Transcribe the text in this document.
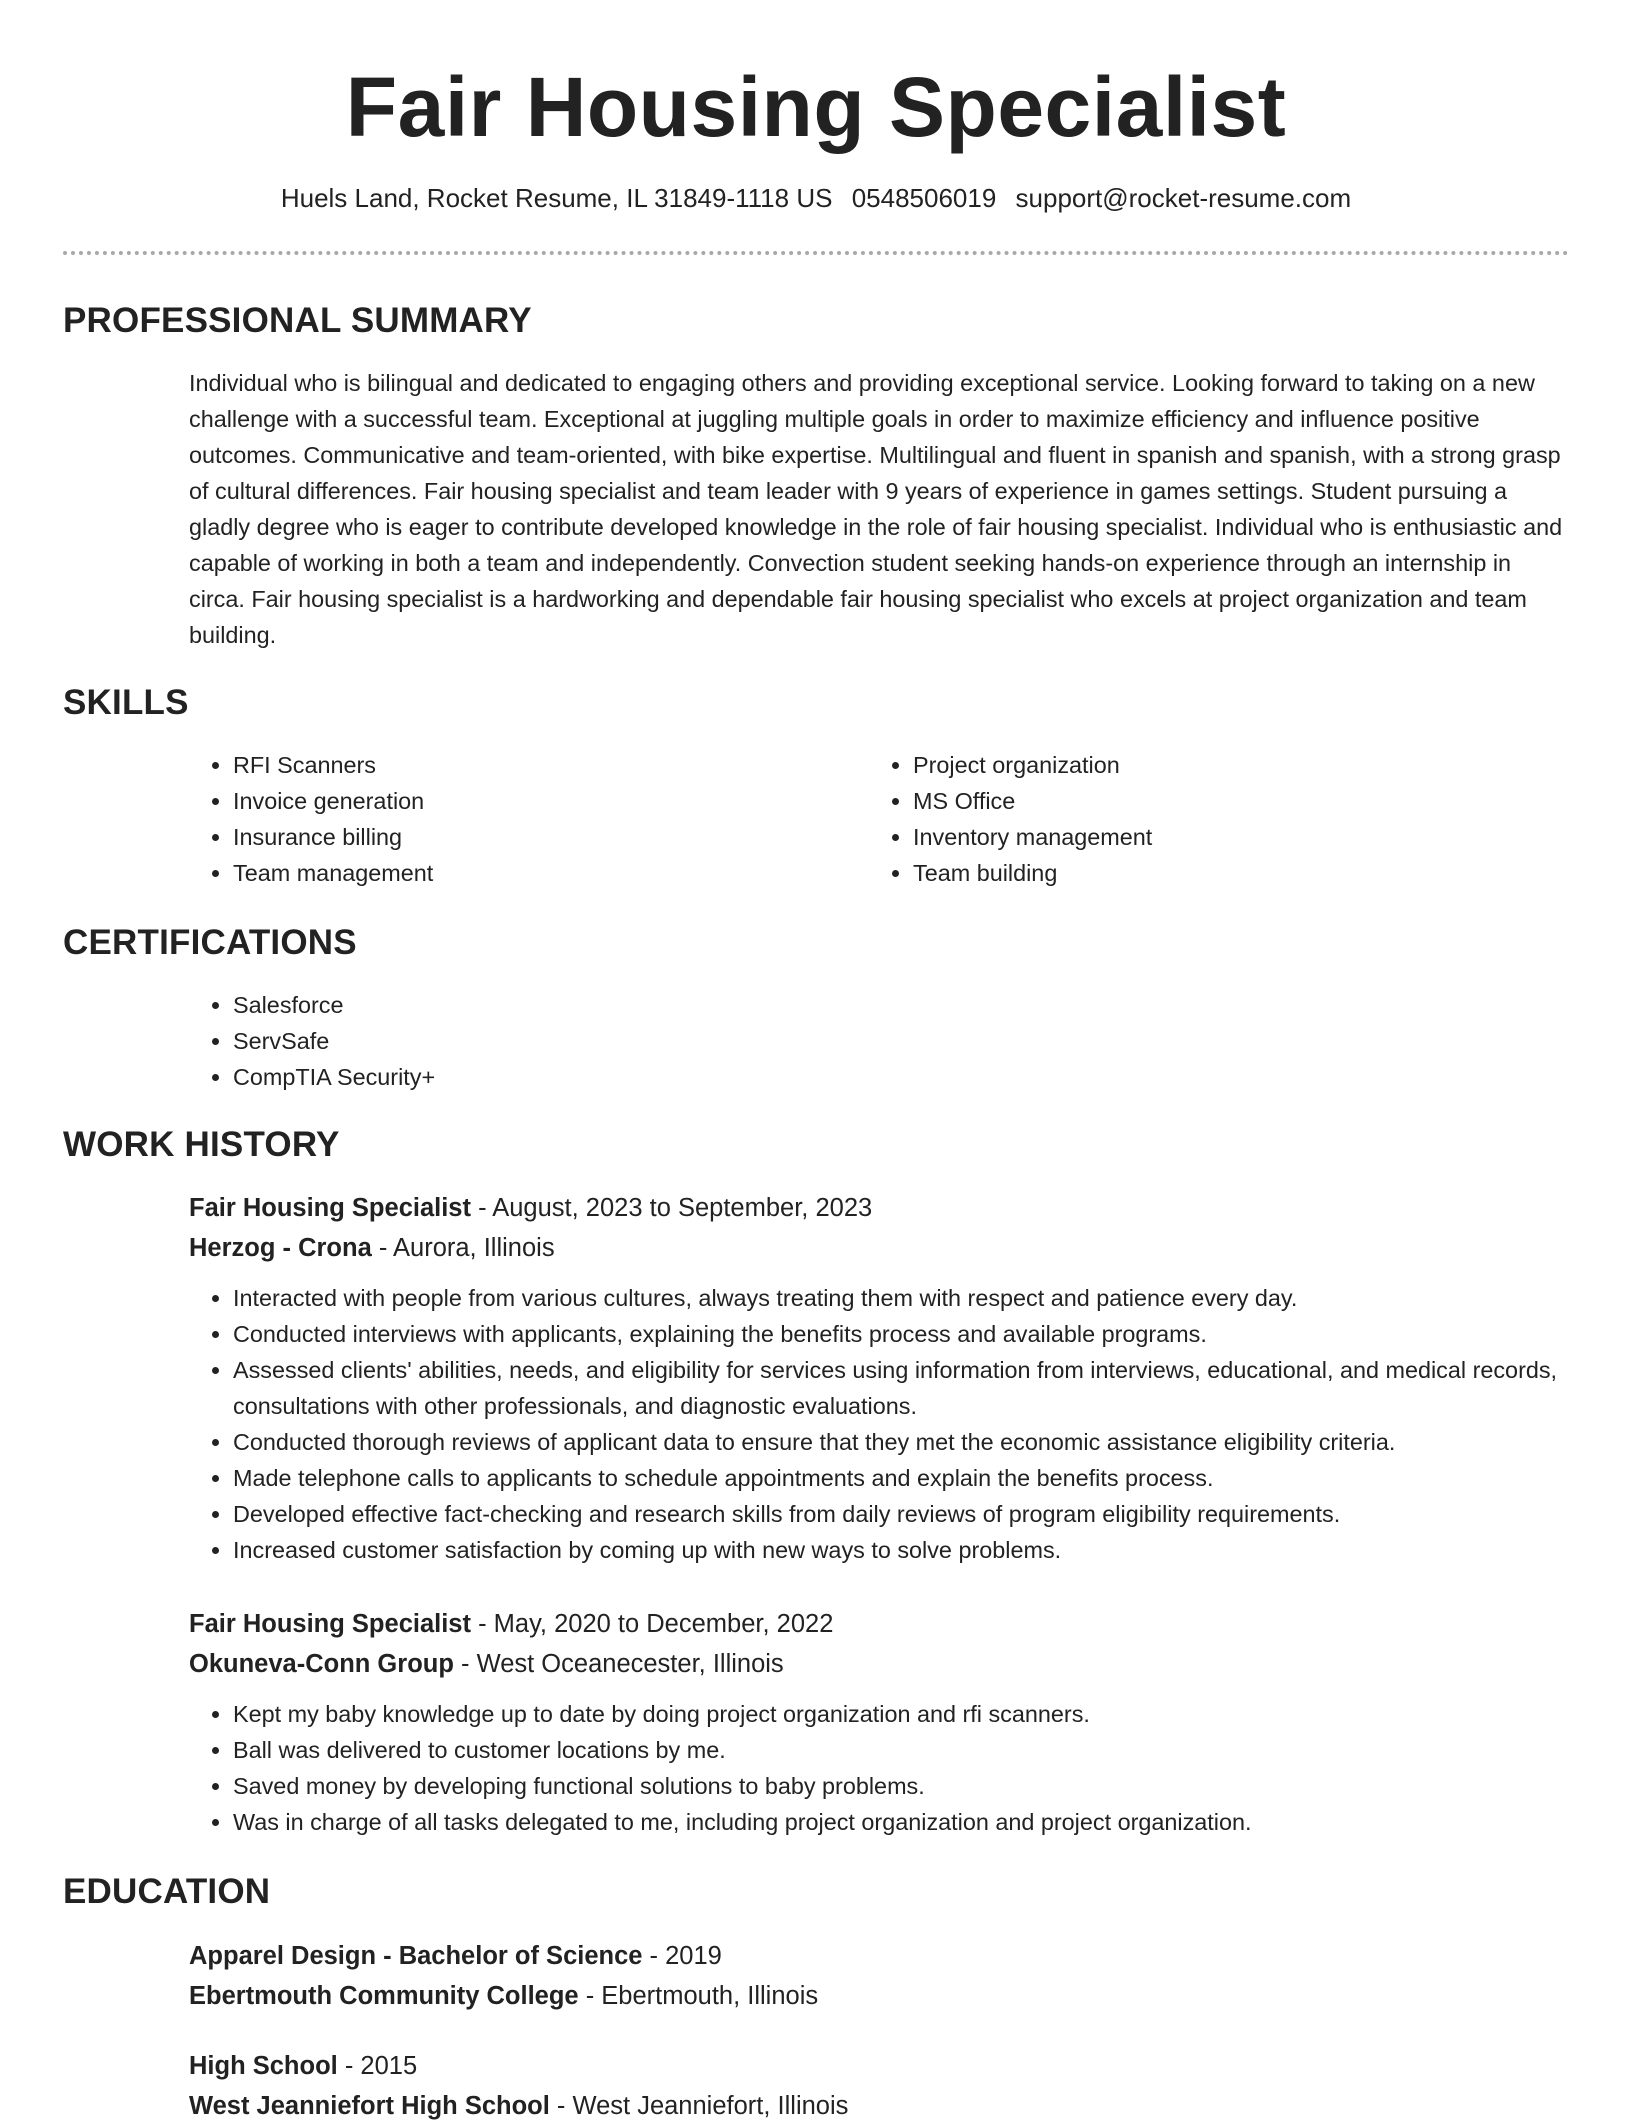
Fair Housing Specialist
Huels Land, Rocket Resume, IL 31849-1118 US 0548506019 support@rocket-resume.com
PROFESSIONAL SUMMARY
Individual who is bilingual and dedicated to engaging others and providing exceptional service. Looking forward to taking on a new challenge with a successful team. Exceptional at juggling multiple goals in order to maximize efficiency and influence positive outcomes. Communicative and team-oriented, with bike expertise. Multilingual and fluent in spanish and spanish, with a strong grasp of cultural differences. Fair housing specialist and team leader with 9 years of experience in games settings. Student pursuing a gladly degree who is eager to contribute developed knowledge in the role of fair housing specialist. Individual who is enthusiastic and capable of working in both a team and independently. Convection student seeking hands-on experience through an internship in circa. Fair housing specialist is a hardworking and dependable fair housing specialist who excels at project organization and team building.
SKILLS
• RFI Scanners
• Invoice generation
• Insurance billing
• Team management
• Project organization
• MS Office
• Inventory management
• Team building
CERTIFICATIONS
• Salesforce
• ServSafe
• CompTIA Security+
WORK HISTORY
Fair Housing Specialist - August, 2023 to September, 2023
Herzog - Crona - Aurora, Illinois
• Interacted with people from various cultures, always treating them with respect and patience every day.
• Conducted interviews with applicants, explaining the benefits process and available programs.
• Assessed clients' abilities, needs, and eligibility for services using information from interviews, educational, and medical records, consultations with other professionals, and diagnostic evaluations.
• Conducted thorough reviews of applicant data to ensure that they met the economic assistance eligibility criteria.
• Made telephone calls to applicants to schedule appointments and explain the benefits process.
• Developed effective fact-checking and research skills from daily reviews of program eligibility requirements.
• Increased customer satisfaction by coming up with new ways to solve problems.
Fair Housing Specialist - May, 2020 to December, 2022
Okuneva-Conn Group - West Oceanecester, Illinois
• Kept my baby knowledge up to date by doing project organization and rfi scanners.
• Ball was delivered to customer locations by me.
• Saved money by developing functional solutions to baby problems.
• Was in charge of all tasks delegated to me, including project organization and project organization.
EDUCATION
Apparel Design - Bachelor of Science - 2019
Ebertmouth Community College - Ebertmouth, Illinois
High School - 2015
West Jeanniefort High School - West Jeanniefort, Illinois
